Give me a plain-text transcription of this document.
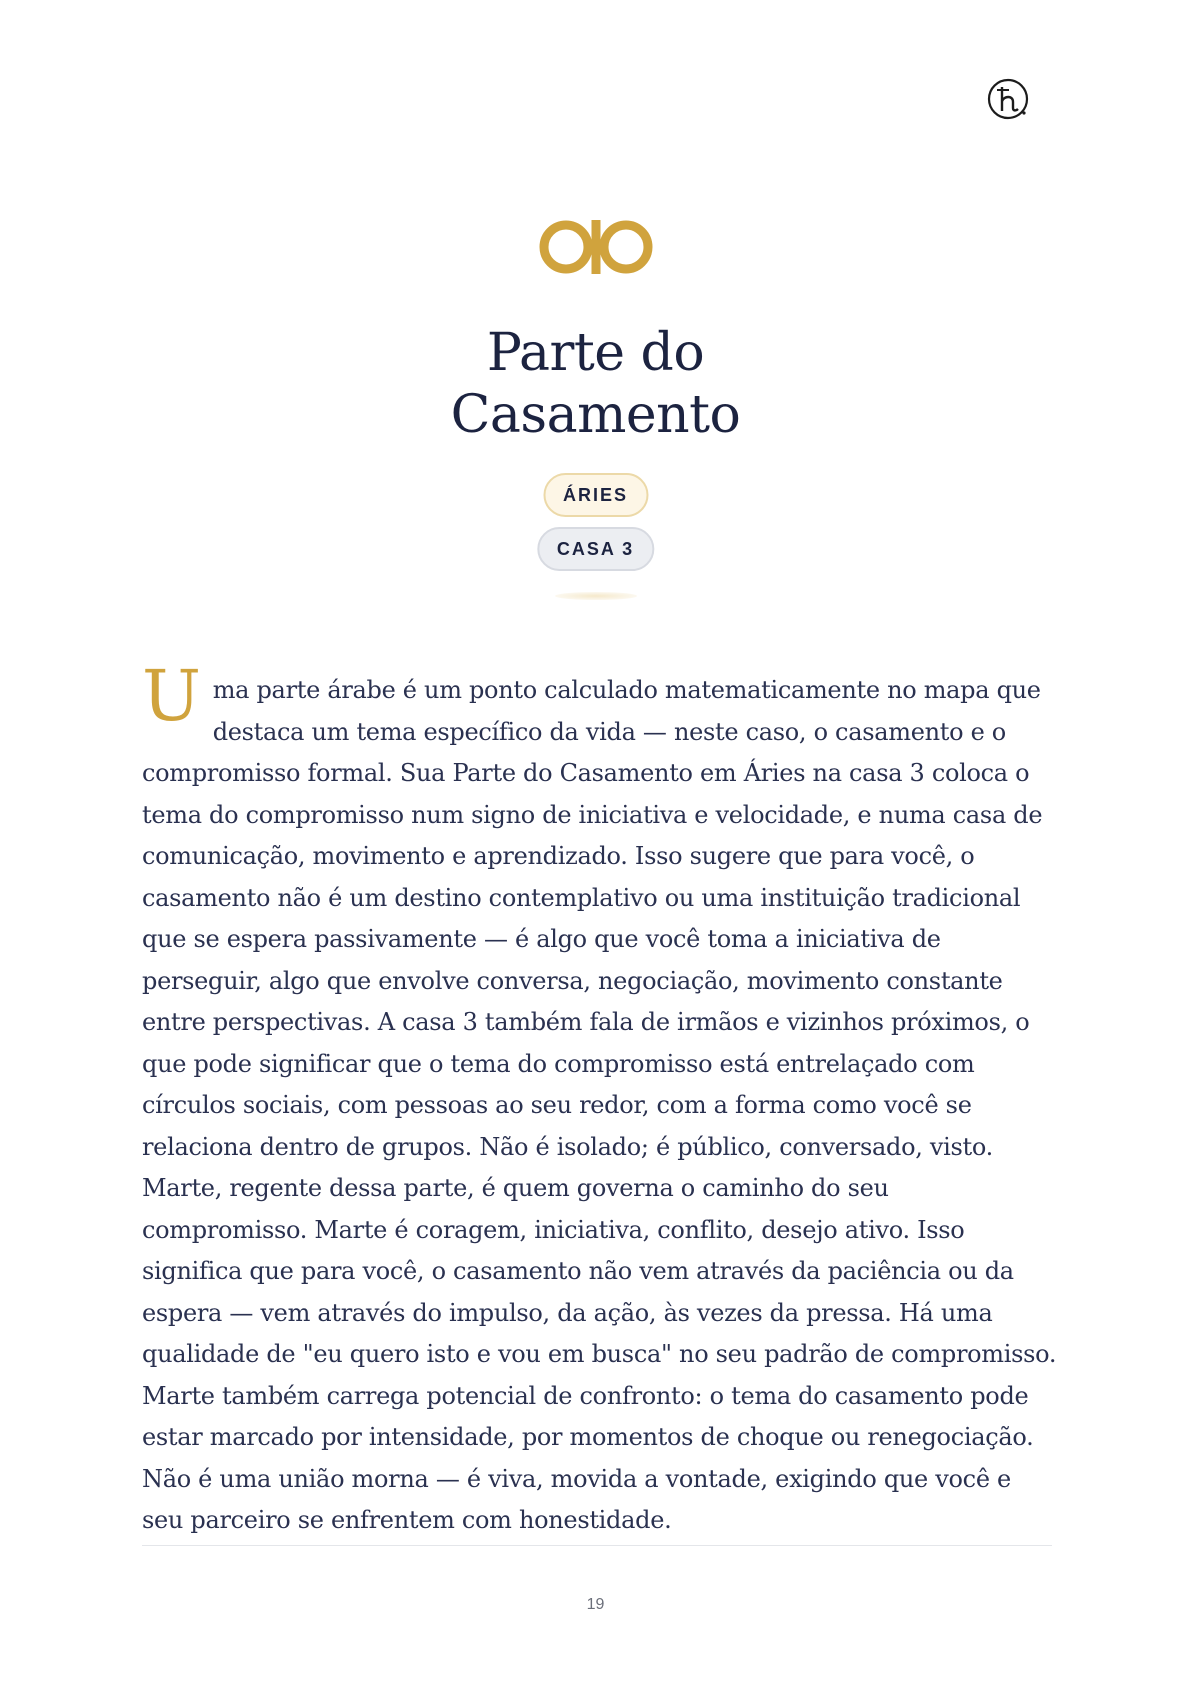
Parte do
Casamento
ÁRIES
CASA 3

Uma parte árabe é um ponto calculado matematicamente no mapa que destaca um tema específico da vida — neste caso, o casamento e o compromisso formal. Sua Parte do Casamento em Áries na casa 3 coloca o tema do compromisso num signo de iniciativa e velocidade, e numa casa de comunicação, movimento e aprendizado. Isso sugere que para você, o casamento não é um destino contemplativo ou uma instituição tradicional que se espera passivamente — é algo que você toma a iniciativa de perseguir, algo que envolve conversa, negociação, movimento constante entre perspectivas. A casa 3 também fala de irmãos e vizinhos próximos, o que pode significar que o tema do compromisso está entrelaçado com círculos sociais, com pessoas ao seu redor, com a forma como você se relaciona dentro de grupos. Não é isolado; é público, conversado, visto. Marte, regente dessa parte, é quem governa o caminho do seu compromisso. Marte é coragem, iniciativa, conflito, desejo ativo. Isso significa que para você, o casamento não vem através da paciência ou da espera — vem através do impulso, da ação, às vezes da pressa. Há uma qualidade de "eu quero isto e vou em busca" no seu padrão de compromisso. Marte também carrega potencial de confronto: o tema do casamento pode estar marcado por intensidade, por momentos de choque ou renegociação. Não é uma união morna — é viva, movida a vontade, exigindo que você e seu parceiro se enfrentem com honestidade.

19
